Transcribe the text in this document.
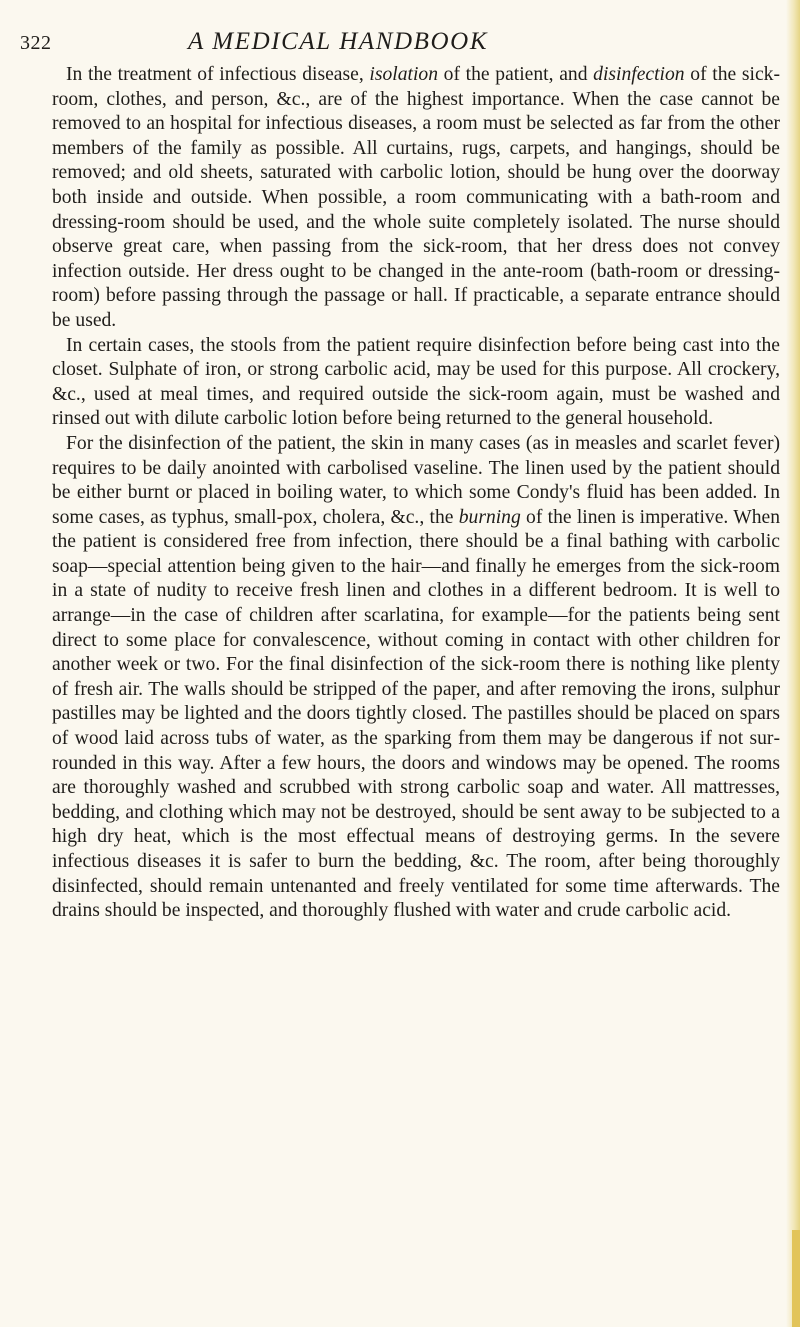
322	A MEDICAL HANDBOOK

In the treatment of infectious disease, isolation of the patient, and disinfection of the sick-room, clothes, and person, &c., are of the highest importance. When the case cannot be removed to an hospital for infectious diseases, a room must be selected as far from the other members of the family as possible. All curtains, rugs, carpets, and hangings, should be removed; and old sheets, saturated with carbolic lotion, should be hung over the doorway both inside and outside. When possible, a room communicating with a bath-room and dressing-room should be used, and the whole suite completely isolated. The nurse should observe great care, when passing from the sick-room, that her dress does not convey infection outside. Her dress ought to be changed in the ante-room (bath-room or dressing-room) before passing through the passage or hall. If practicable, a separate entrance should be used.

In certain cases, the stools from the patient require disinfection before being cast into the closet. Sulphate of iron, or strong carbolic acid, may be used for this purpose. All crockery, &c., used at meal times, and required outside the sick-room again, must be washed and rinsed out with dilute carbolic lotion before being returned to the general household.

For the disinfection of the patient, the skin in many cases (as in measles and scarlet fever) requires to be daily anointed with carbolised vaseline. The linen used by the patient should be either burnt or placed in boiling water, to which some Condy's fluid has been added. In some cases, as typhus, small-pox, cholera, &c., the burning of the linen is imperative. When the patient is considered free from infection, there should be a final bathing with carbolic soap—special attention being given to the hair—and finally he emerges from the sick-room in a state of nudity to receive fresh linen and clothes in a different bedroom. It is well to arrange—in the case of children after scarlatina, for example—for the patients being sent direct to some place for convalescence, without coming in contact with other children for another week or two. For the final disinfection of the sick-room there is nothing like plenty of fresh air. The walls should be stripped of the paper, and after removing the irons, sulphur pastilles may be lighted and the doors tightly closed. The pastilles should be placed on spars of wood laid across tubs of water, as the sparking from them may be dangerous if not surrounded in this way. After a few hours, the doors and windows may be opened. The rooms are thoroughly washed and scrubbed with strong carbolic soap and water. All mattresses, bedding, and clothing which may not be destroyed, should be sent away to be subjected to a high dry heat, which is the most effectual means of destroying germs. In the severe infectious diseases it is safer to burn the bedding, &c. The room, after being thoroughly disinfected, should remain untenanted and freely ventilated for some time afterwards. The drains should be inspected, and thoroughly flushed with water and crude carbolic acid.
